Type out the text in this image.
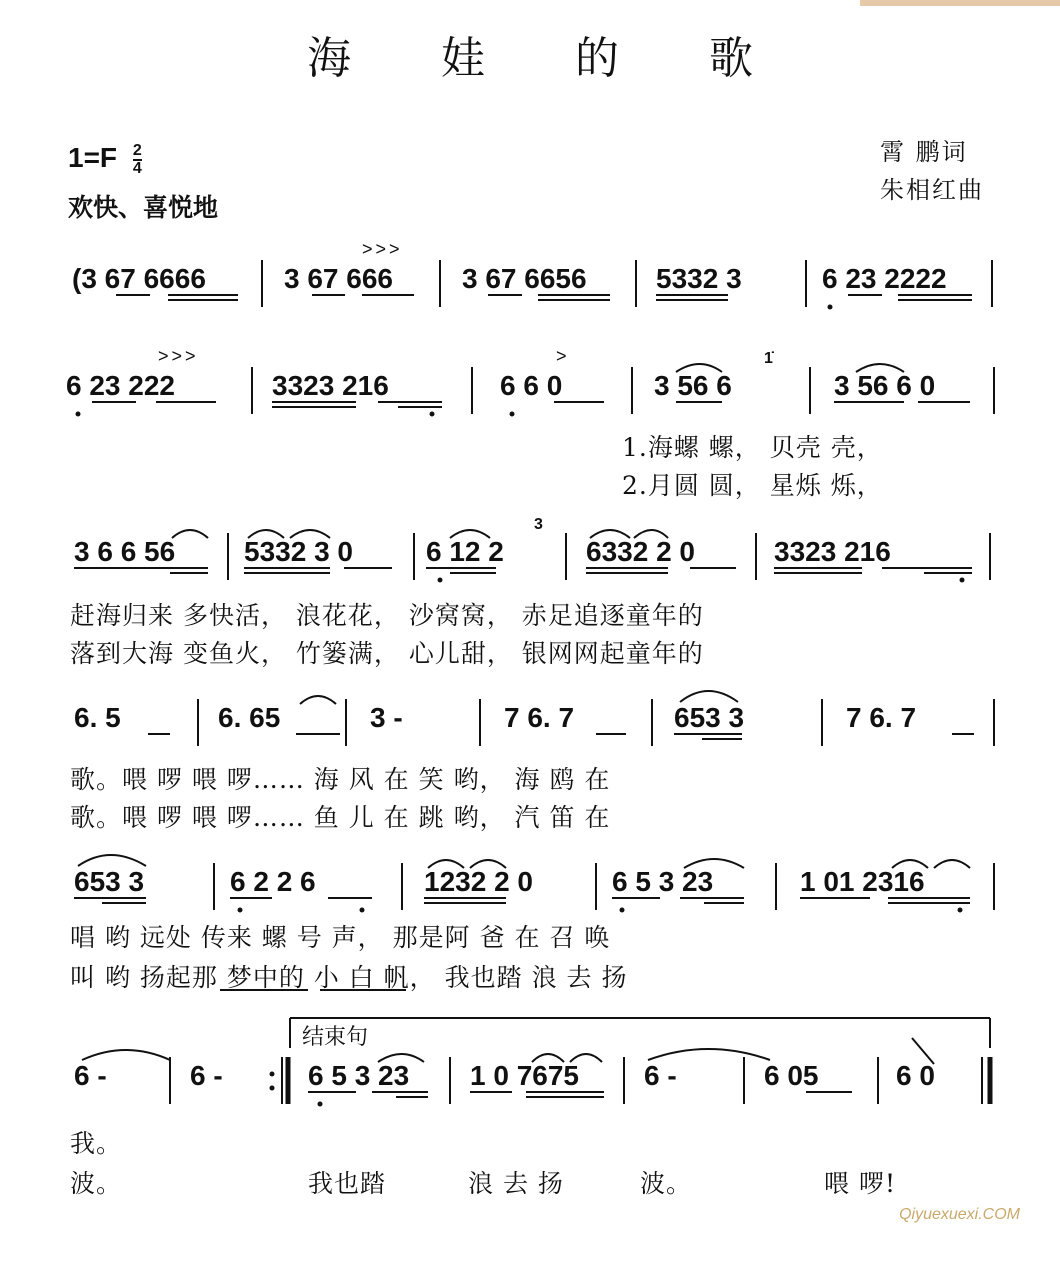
海 娃 的 歌
$1=F \frac{2}{4}$
欢快、喜悦地
霄 鹏词
朱相红曲
(3 67 6666	3 67 666 3 67 6656 5332 3	6 23 2222
>>>
6 23 222	3323 216	6 6 0	3 56 6	3 56 6 0
>>>	>	1̇
1.海螺 螺， 贝壳 壳，
2.月圆 圆， 星烁 烁，
3 6 6 56 5332 3 0	6 12 2	6332 2 0	3323 216
3
赶海归来 多快活， 浪花花， 沙窝窝， 赤足追逐童年的
落到大海 变鱼火， 竹篓满， 心儿甜， 银网网起童年的
6. 5	6. 65	3 -	7 6. 7	653 3	7 6. 7
歌。喂 啰 喂 啰…… 海 风 在 笑 哟， 海 鸥 在
歌。喂 啰 喂 啰…… 鱼 儿 在 跳 哟， 汽 笛 在
653 3	6 2 2 6	1232 2 0	6 5 3 23	1 01 2316
唱 哟 远处 传来 螺 号 声， 那是阿 爸 在 召 唤
叫 哟 扬起那 梦中的 小 白 帆， 我也踏 浪 去 扬
结束句
6 -	6 -	6 5 3 23 1 0 7675 6 -	6 05	6 0
我。
波。	我也踏	浪 去 扬	波。	喂 啰!
Qiyuexuexi.COM
